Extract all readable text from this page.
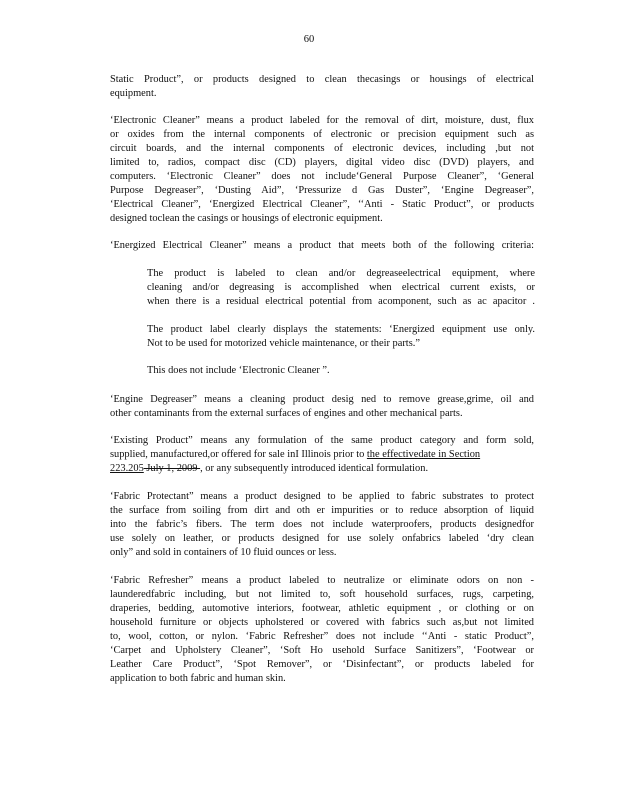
60
Static Product”, or products designed to clean thecasings or housings of electrical
equipment.
‘Electronic Cleaner” means a product labeled for the removal of dirt, moisture, dust, flux
or oxides from the internal components of electronic or precision equipment such as
circuit boards, and the internal components of electronic devices, including ,but not
limited to, radios, compact disc (CD) players, digital video disc (DVD) players, and
computers. ‘Electronic Cleaner” does not include‘General Purpose Cleaner”, ‘General
Purpose Degreaser”, ‘Dusting Aid”, ‘Pressurize d Gas Duster”, ‘Engine Degreaser”,
‘Electrical Cleaner”, ‘Energized Electrical Cleaner”, ‘‘Anti - Static Product”, or products
designed toclean the casings or housings of electronic equipment.
‘Energized Electrical Cleaner” means a product that meets both of the following criteria:
The product is labeled to clean and/or degreaseelectrical equipment, where
cleaning and/or degreasing is accomplished when electrical current exists, or
when there is a residual electrical potential from acomponent, such as ac apacitor .
The product label clearly displays the statements: ‘Energized equipment use only.
Not to be used for motorized vehicle maintenance, or their parts.”
This does not include ‘Electronic Cleaner ”.
‘Engine Degreaser” means a cleaning product desig ned to remove grease,grime, oil and
other contaminants from the external surfaces of engines and other mechanical parts.
‘Existing Product” means any formulation of the same product category and form sold,
supplied, manufactured,or offered for sale inI Illinois prior to the effectivedate in Section
223.205 July 1, 2009 , or any subsequently introduced identical formulation.
‘Fabric Protectant” means a product designed to be applied to fabric substrates to protect
the surface from soiling from dirt and oth er impurities or to reduce absorption of liquid
into the fabric’s fibers. The term does not include waterproofers, products designedfor
use solely on leather, or products designed for use solely onfabrics labeled ‘dry clean
only” and sold in containers of 10 fluid ounces or less.
‘Fabric Refresher” means a product labeled to neutralize or eliminate odors on non -
launderedfabric including, but not limited to, soft household surfaces, rugs, carpeting,
draperies, bedding, automotive interiors, footwear, athletic equipment , or clothing or on
household furniture or objects upholstered or covered with fabrics such as,but not limited
to, wool, cotton, or nylon. ‘Fabric Refresher” does not include ‘‘Anti - static Product”,
‘Carpet and Upholstery Cleaner”, ‘Soft Ho usehold Surface Sanitizers”, ‘Footwear or
Leather Care Product”, ‘Spot Remover”, or ‘Disinfectant”, or products labeled for
application to both fabric and human skin.
